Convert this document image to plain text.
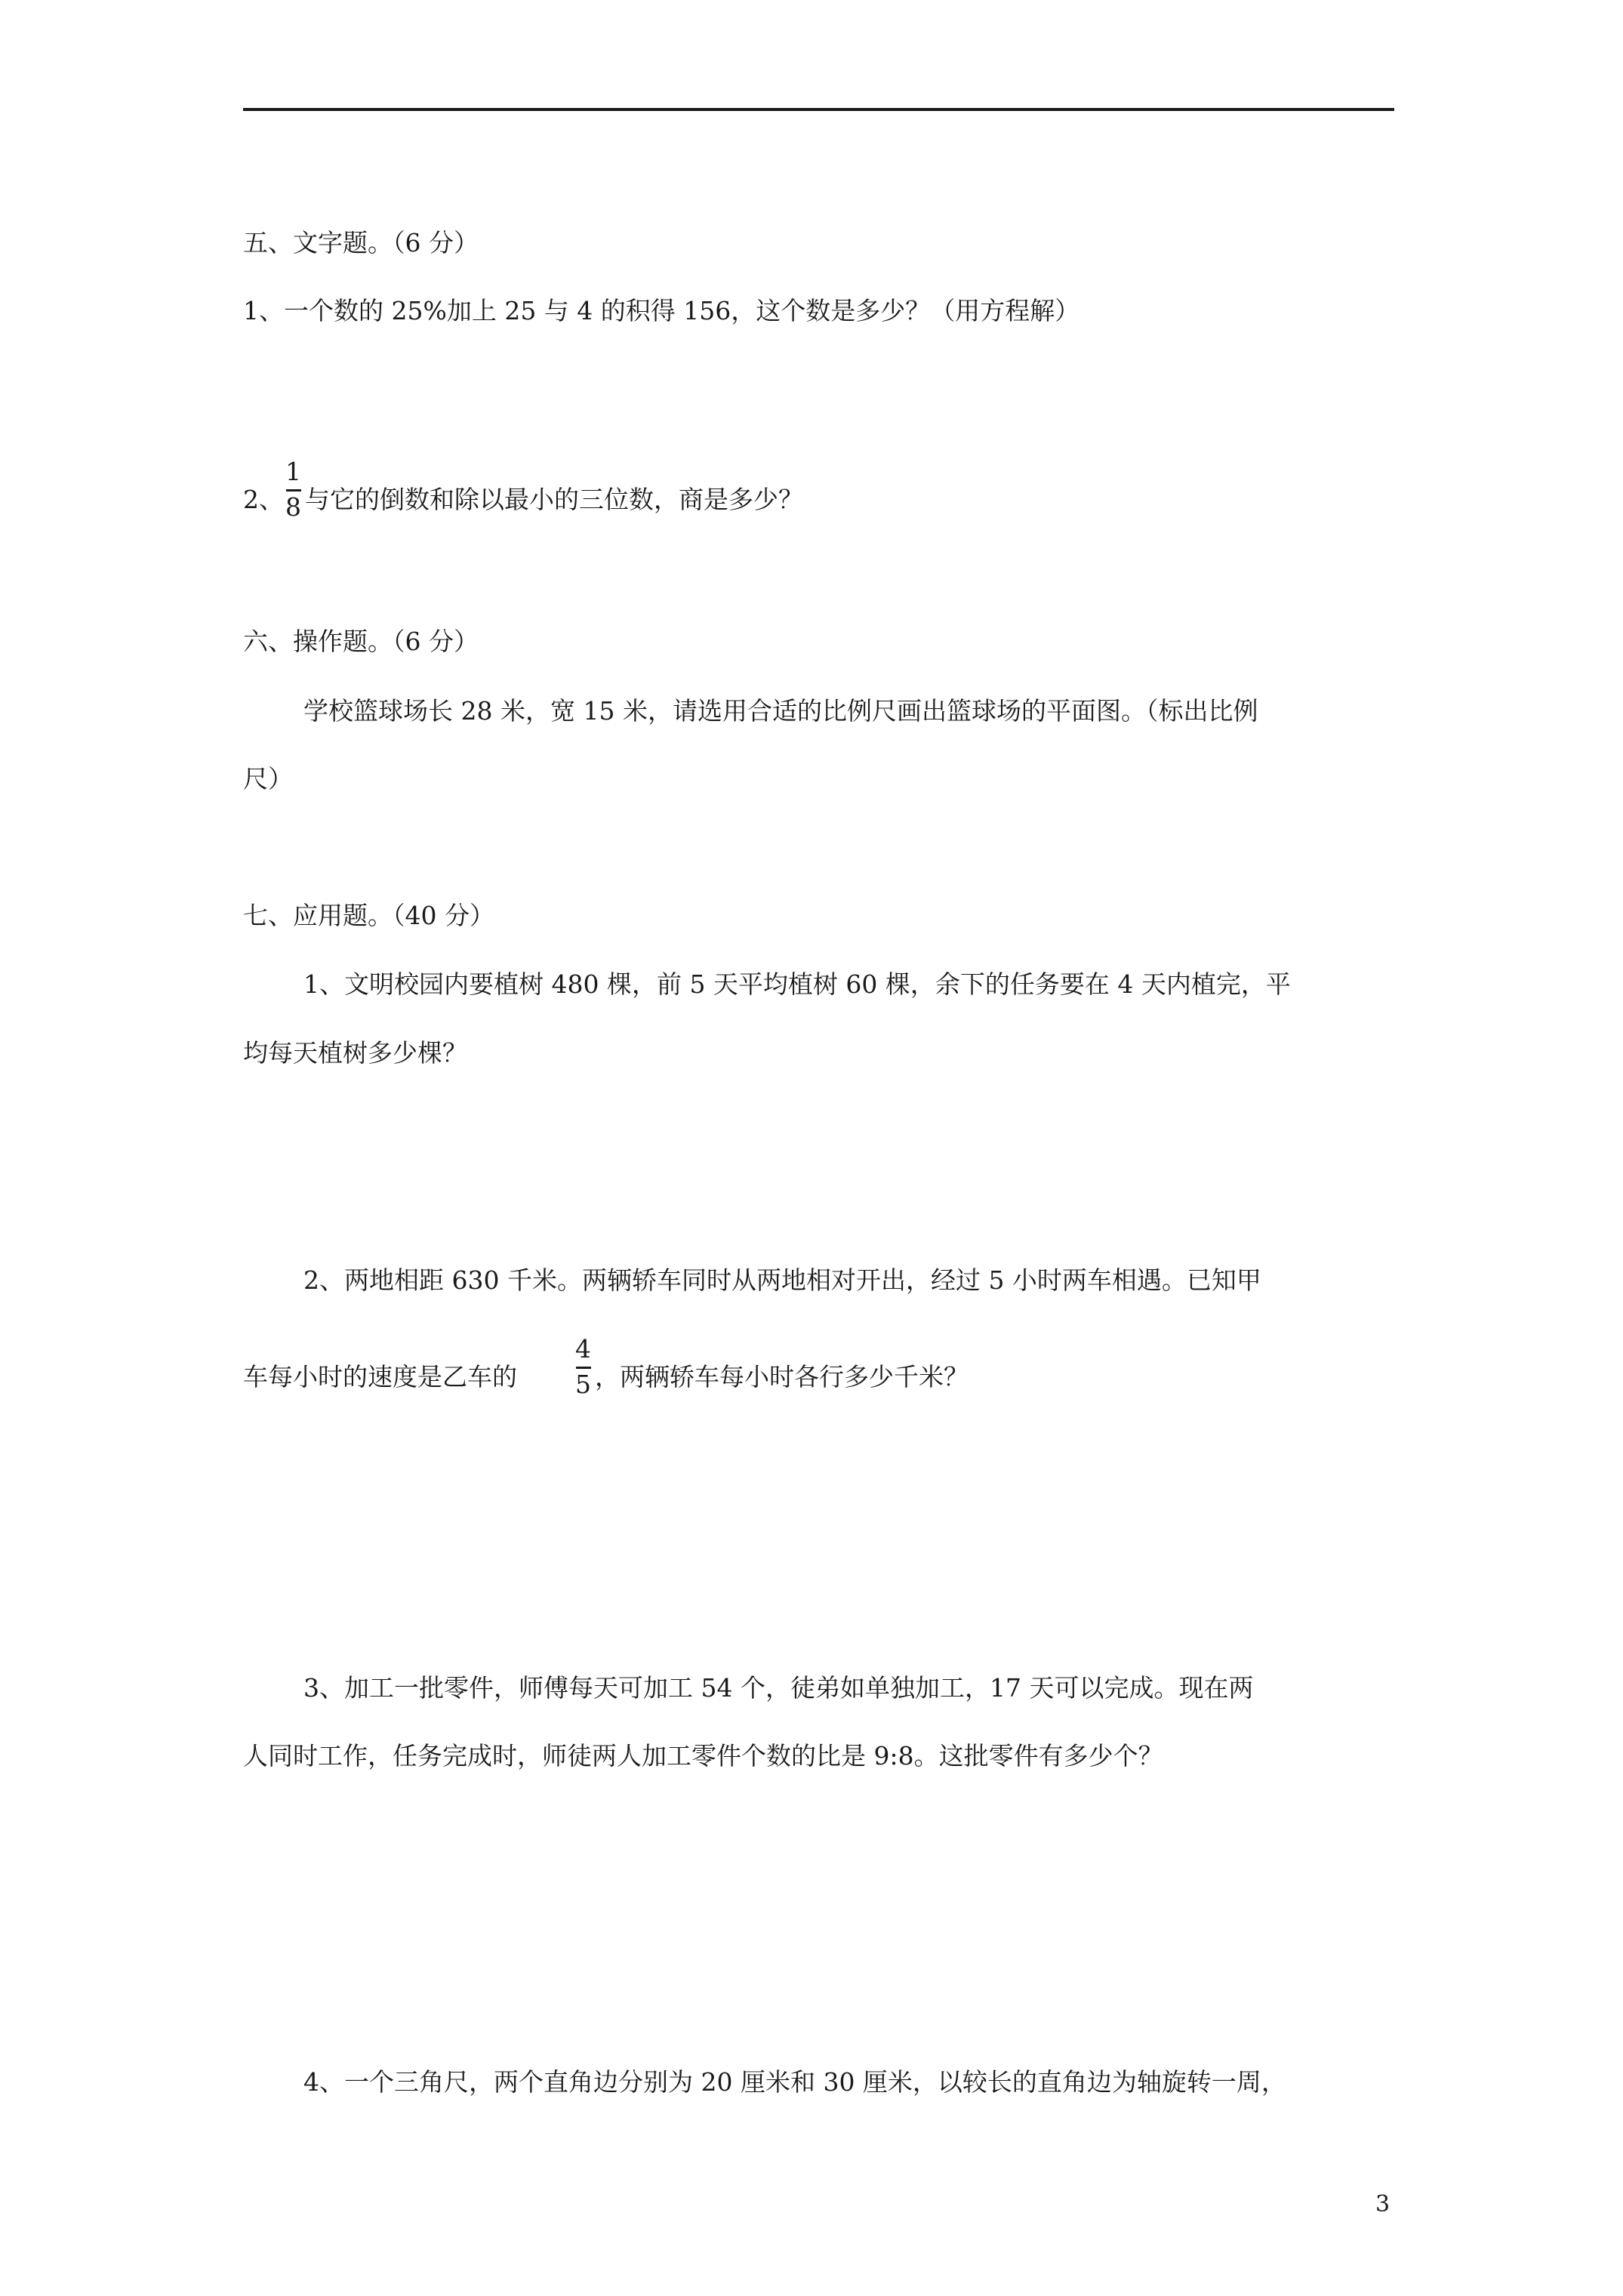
五、文字题。（6 分）
1、一个数的 25%加上 25 与 4 的积得 156，这个数是多少？（用方程解）
2、
1
8 与它的倒数和除以最小的三位数，商是多少？
六、操作题。（6 分）
学校篮球场长 28 米，宽 15 米，请选用合适的比例尺画出篮球场的平面图。（标出比例
尺）
七、应用题。（40 分）
1、文明校园内要植树 480 棵，前 5 天平均植树 60 棵，余下的任务要在 4 天内植完，平
均每天植树多少棵？
2、两地相距 630 千米。两辆轿车同时从两地相对开出，经过 5 小时两车相遇。已知甲
车每小时的速度是乙车的
4
5 ，两辆轿车每小时各行多少千米？
3、加工一批零件，师傅每天可加工 54 个，徒弟如单独加工，17 天可以完成。现在两
人同时工作，任务完成时，师徒两人加工零件个数的比是 9:8。这批零件有多少个？
4、一个三角尺，两个直角边分别为 20 厘米和 30 厘米，以较长的直角边为轴旋转一周，
3
